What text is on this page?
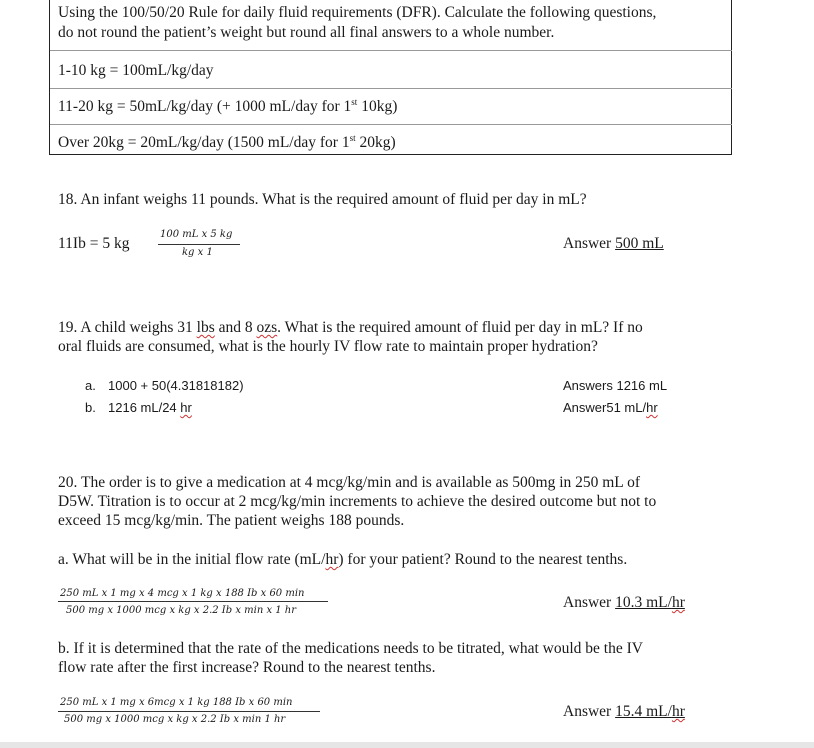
Using the 100/50/20 Rule for daily fluid requirements (DFR). Calculate the following questions,
do not round the patient’s weight but round all final answers to a whole number.
1-10 kg = 100mL/kg/day
11-20 kg = 50mL/kg/day (+ 1000 mL/day for 1st 10kg)
Over 20kg = 20mL/kg/day (1500 mL/day for 1st 20kg)
18. An infant weighs 11 pounds. What is the required amount of fluid per day in mL?
11Ib = 5 kg
100 mL x 5 kg
kg x 1
Answer 500 mL
19. A child weighs 31 lbs and 8 ozs. What is the required amount of fluid per day in mL? If no
oral fluids are consumed, what is the hourly IV flow rate to maintain proper hydration?
a. 1000 + 50(4.31818182)
b. 1216 mL/24 hr
Answers 1216 mL
Answer51 mL/hr
20. The order is to give a medication at 4 mcg/kg/min and is available as 500mg in 250 mL of
D5W. Titration is to occur at 2 mcg/kg/min increments to achieve the desired outcome but not to
exceed 15 mcg/kg/min. The patient weighs 188 pounds.
a. What will be in the initial flow rate (mL/hr) for your patient? Round to the nearest tenths.
250 mL x 1 mg x 4 mcg x 1 kg x 188 Ib x 60 min
500 mg x 1000 mcg x kg x 2.2 Ib x min x 1 hr	Answer 10.3 mL/hr
b. If it is determined that the rate of the medications needs to be titrated, what would be the IV
flow rate after the first increase? Round to the nearest tenths.
250 mL x 1 mg x 6mcg x 1 kg 188 Ib x 60 min
500 mg x 1000 mcg x kg x 2.2 Ib x min 1 hr	Answer 15.4 mL/hr
